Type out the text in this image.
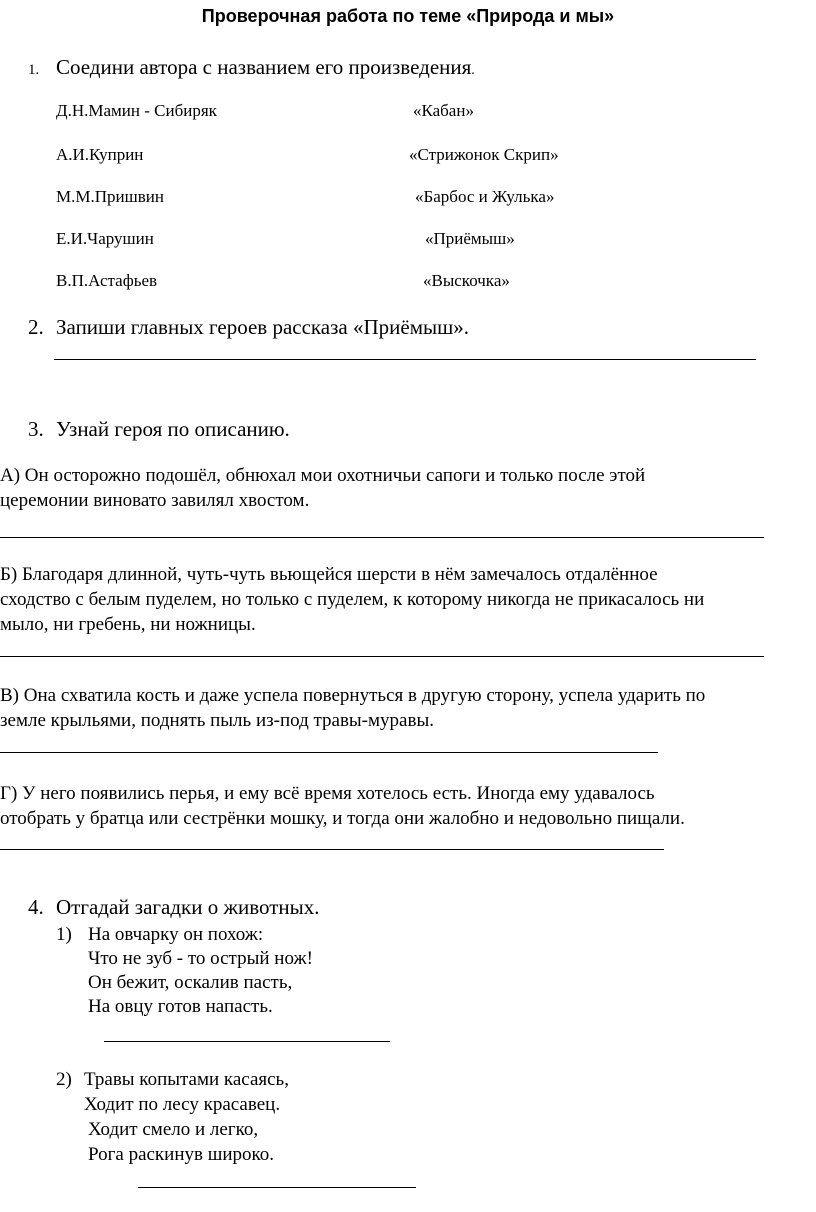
Проверочная работа по теме «Природа и мы»
1. Соедини автора с названием его произведения.
Д.Н.Мамин - Сибиряк
А.И.Куприн
М.М.Пришвин
Е.И.Чарушин
В.П.Астафьев
«Кабан»
«Стрижонок Скрип»
«Барбос и Жулька»
«Приёмыш»
«Выскочка»
2. Запиши главных героев рассказа «Приёмыш».
3. Узнай героя по описанию.
А) Он осторожно подошёл, обнюхал мои охотничьи сапоги и только после этой
церемонии виновато завилял хвостом.
Б) Благодаря длинной, чуть-чуть вьющейся шерсти в нём замечалось отдалённое
сходство с белым пуделем, но только с пуделем, к которому никогда не прикасалось ни
мыло, ни гребень, ни ножницы.
В) Она схватила кость и даже успела повернуться в другую сторону, успела ударить по
земле крыльями, поднять пыль из-под травы-муравы.
Г) У него появились перья, и ему всё время хотелось есть. Иногда ему удавалось
отобрать у братца или сестрёнки мошку, и тогда они жалобно и недовольно пищали.
4. Отгадай загадки о животных.
1) На овчарку он похож:
Что не зуб - то острый нож!
Он бежит, оскалив пасть,
На овцу готов напасть.
2) Травы копытами касаясь,
Ходит по лесу красавец.
Ходит смело и легко,
Рога раскинув широко.
